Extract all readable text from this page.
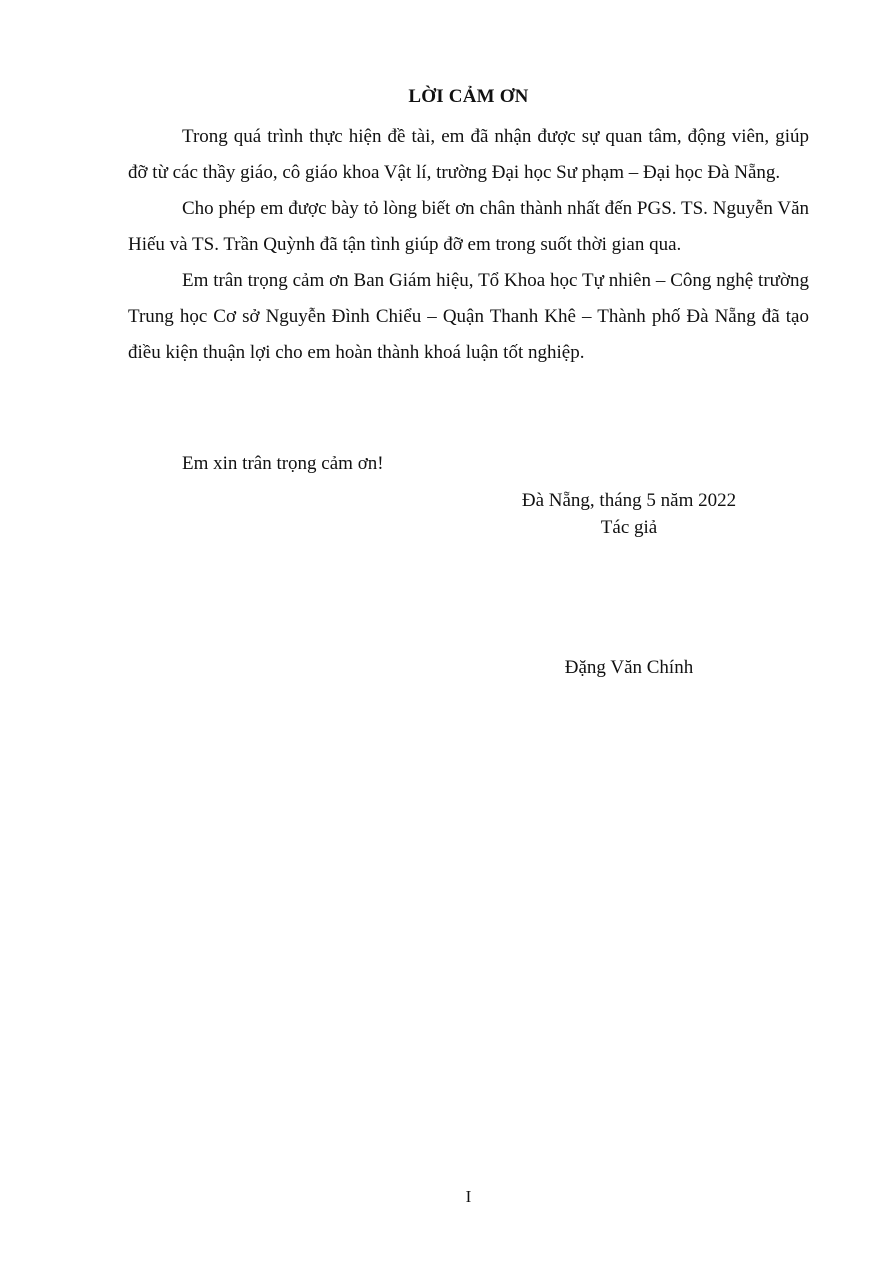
LỜI CẢM ƠN

Trong quá trình thực hiện đề tài, em đã nhận được sự quan tâm, động viên, giúp đỡ từ các thầy giáo, cô giáo khoa Vật lí, trường Đại học Sư phạm – Đại học Đà Nẵng.

Cho phép em được bày tỏ lòng biết ơn chân thành nhất đến PGS. TS. Nguyễn Văn Hiếu và TS. Trần Quỳnh đã tận tình giúp đỡ em trong suốt thời gian qua.

Em trân trọng cảm ơn Ban Giám hiệu, Tổ Khoa học Tự nhiên – Công nghệ trường Trung học Cơ sở Nguyễn Đình Chiểu – Quận Thanh Khê – Thành phố Đà Nẵng đã tạo điều kiện thuận lợi cho em hoàn thành khoá luận tốt nghiệp.

Em xin trân trọng cảm ơn!
Đà Nẵng, tháng 5 năm 2022
Tác giả
Đặng Văn Chính
I
